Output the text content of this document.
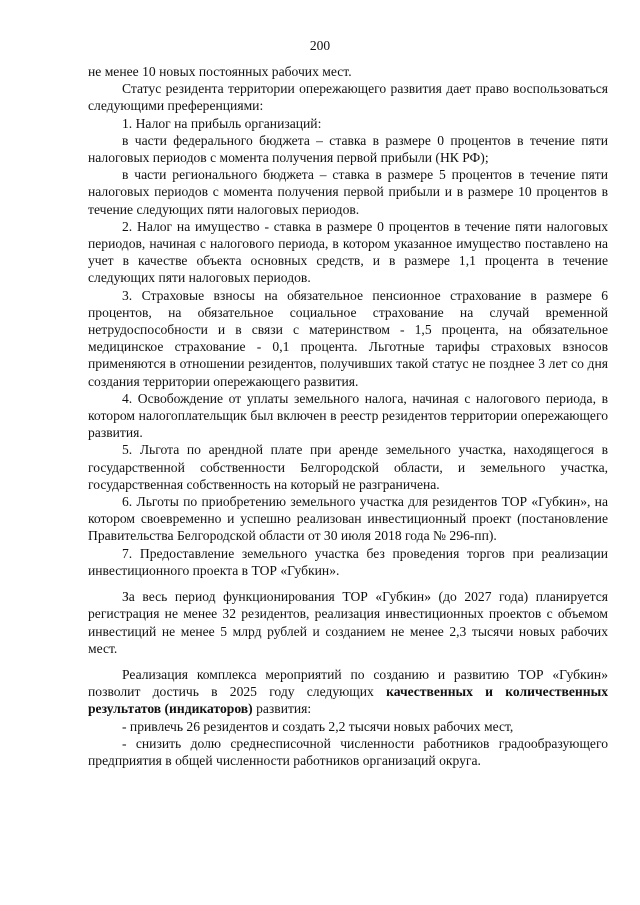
200

не менее 10 новых постоянных рабочих мест.

Статус резидента территории опережающего развития дает право воспользоваться следующими преференциями:

1. Налог на прибыль организаций:

в части федерального бюджета – ставка в размере 0 процентов в течение пяти налоговых периодов с момента получения первой прибыли (НК РФ);

в части регионального бюджета – ставка в размере 5 процентов в течение пяти налоговых периодов с момента получения первой прибыли и в размере 10 процентов в течение следующих пяти налоговых периодов.

2. Налог на имущество - ставка в размере 0 процентов в течение пяти налоговых периодов, начиная с налогового периода, в котором указанное имущество поставлено на учет в качестве объекта основных средств, и в размере 1,1 процента в течение следующих пяти налоговых периодов.

3. Страховые взносы на обязательное пенсионное страхование в размере 6 процентов, на обязательное социальное страхование на случай временной нетрудоспособности и в связи с материнством - 1,5 процента, на обязательное медицинское страхование - 0,1 процента. Льготные тарифы страховых взносов применяются в отношении резидентов, получивших такой статус не позднее 3 лет со дня создания территории опережающего развития.

4. Освобождение от уплаты земельного налога, начиная с налогового периода, в котором налогоплательщик был включен в реестр резидентов территории опережающего развития.

5. Льгота по арендной плате при аренде земельного участка, находящегося в государственной собственности Белгородской области, и земельного участка, государственная собственность на который не разграничена.

6. Льготы по приобретению земельного участка для резидентов ТОР «Губкин», на котором своевременно и успешно реализован инвестиционный проект (постановление Правительства Белгородской области от 30 июля 2018 года № 296-пп).

7. Предоставление земельного участка без проведения торгов при реализации инвестиционного проекта в ТОР «Губкин».

За весь период функционирования ТОР «Губкин» (до 2027 года) планируется регистрация не менее 32 резидентов, реализация инвестиционных проектов с объемом инвестиций не менее 5 млрд рублей и созданием не менее 2,3 тысячи новых рабочих мест.

Реализация комплекса мероприятий по созданию и развитию ТОР «Губкин» позволит достичь в 2025 году следующих качественных и количественных результатов (индикаторов) развития:

- привлечь 26 резидентов и создать 2,2 тысячи новых рабочих мест,

- снизить долю среднесписочной численности работников градообразующего предприятия в общей численности работников организаций округа.
